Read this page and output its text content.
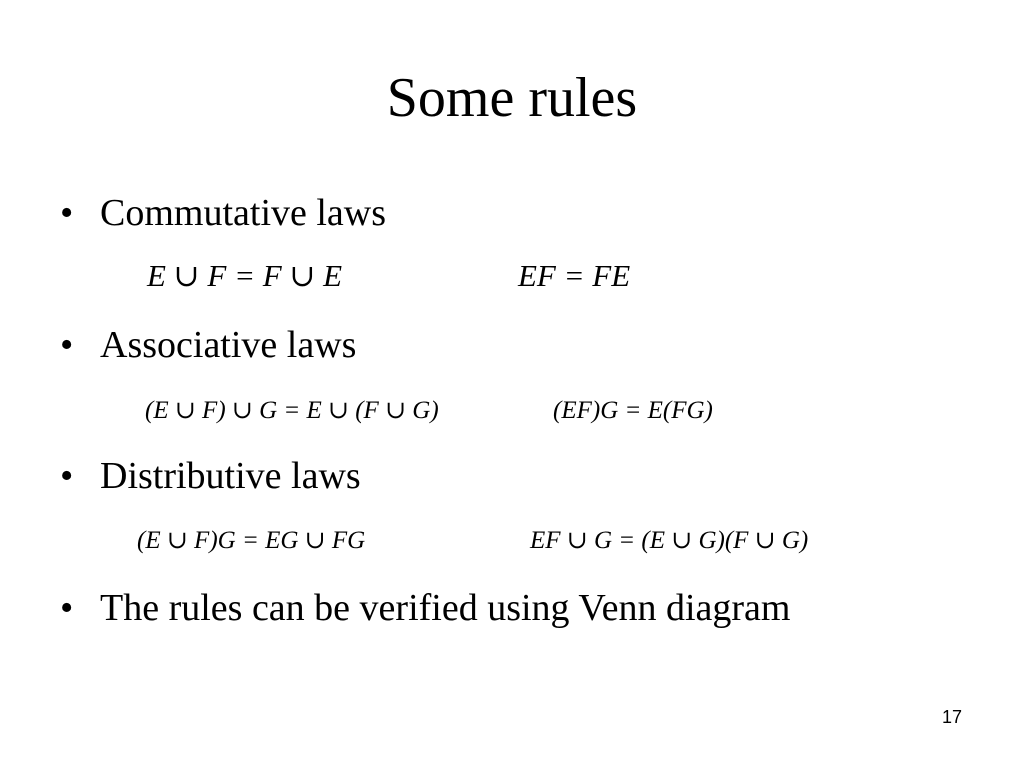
Some rules
• Commutative laws
E ∪ F = F ∪ E	EF = FE
• Associative laws
(E ∪ F) ∪ G = E ∪ (F ∪ G)	(EF)G = E(FG)
• Distributive laws
(E ∪ F)G = EG ∪ FG	EF ∪ G = (E ∪ G)(F ∪ G)
• The rules can be verified using Venn diagram
17
